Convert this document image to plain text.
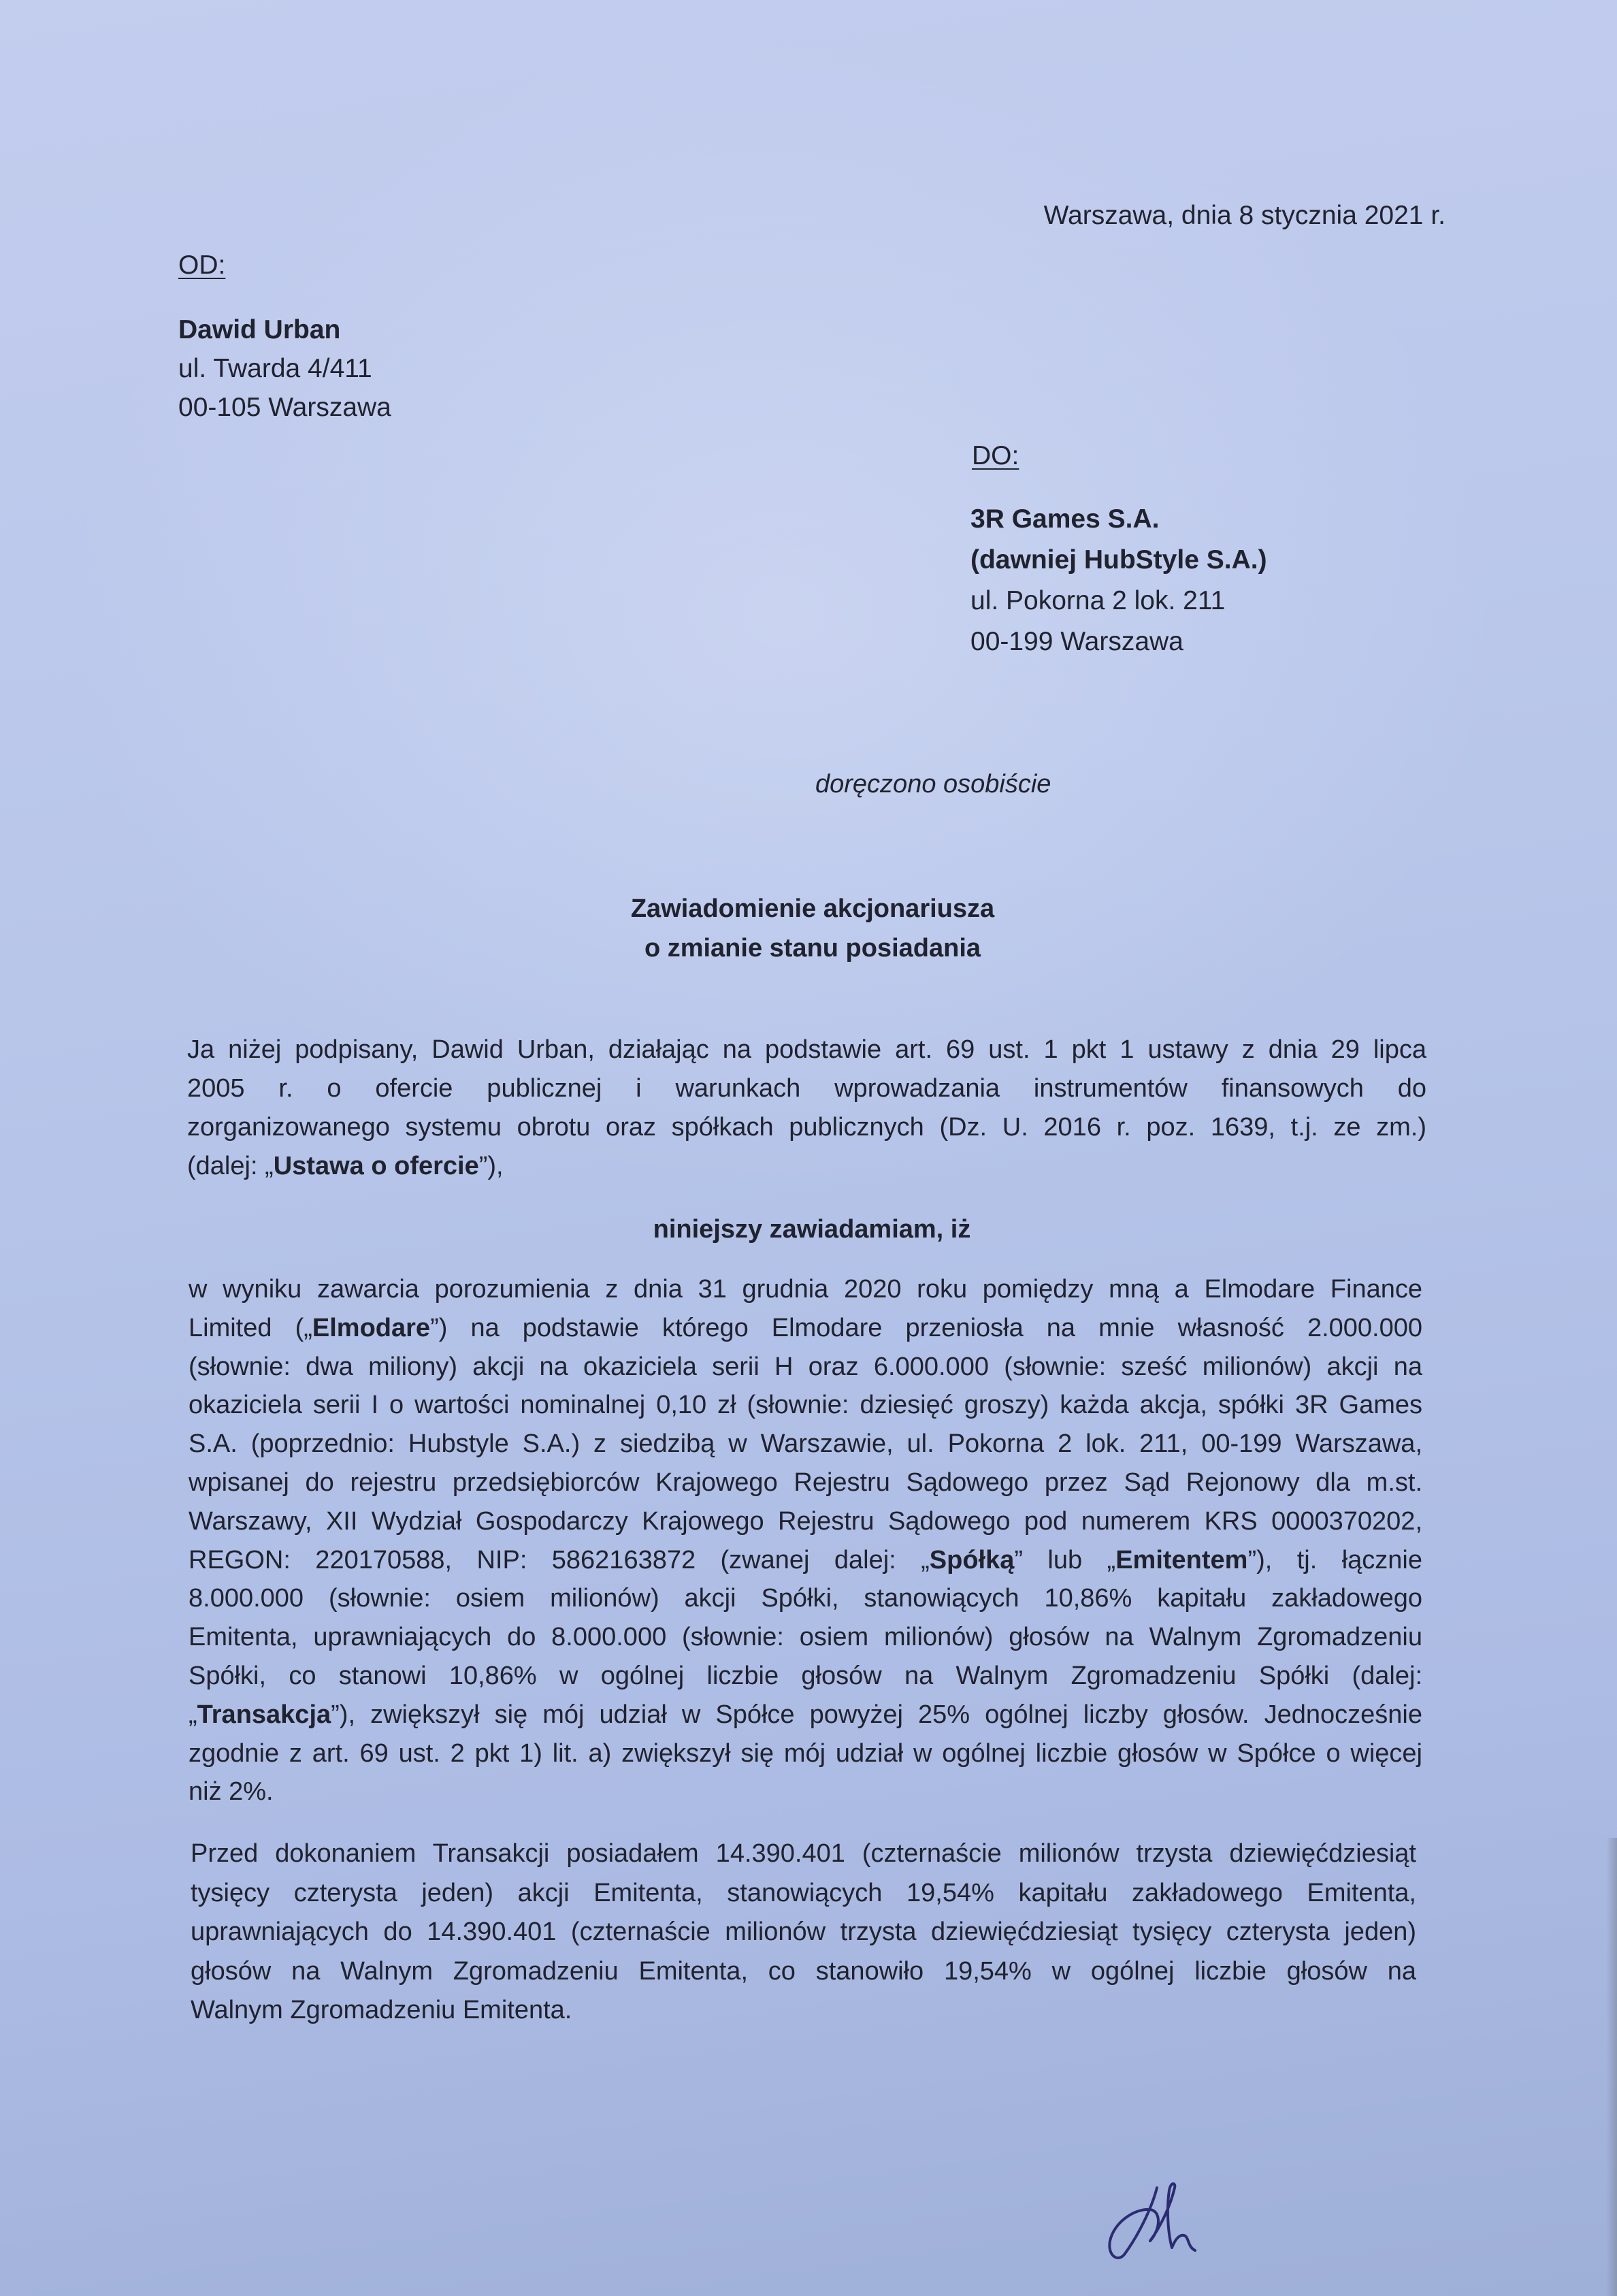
Warszawa, dnia 8 stycznia 2021 r.
OD:
Dawid Urban
ul. Twarda 4/411
00-105 Warszawa
DO:
3R Games S.A.
(dawniej HubStyle S.A.)
ul. Pokorna 2 lok. 211
00-199 Warszawa
doręczono osobiście
Zawiadomienie akcjonariusza
o zmianie stanu posiadania
Ja niżej podpisany, Dawid Urban, działając na podstawie art. 69 ust. 1 pkt 1 ustawy z dnia 29 lipca
2005 r. o ofercie publicznej i warunkach wprowadzania instrumentów finansowych do
zorganizowanego systemu obrotu oraz spółkach publicznych (Dz. U. 2016 r. poz. 1639, t.j. ze zm.)
(dalej: „Ustawa o ofercie”),
niniejszy zawiadamiam, iż
w wyniku zawarcia porozumienia z dnia 31 grudnia 2020 roku pomiędzy mną a Elmodare Finance
Limited („Elmodare”) na podstawie którego Elmodare przeniosła na mnie własność 2.000.000
(słownie: dwa miliony) akcji na okaziciela serii H oraz 6.000.000 (słownie: sześć milionów) akcji na
okaziciela serii I o wartości nominalnej 0,10 zł (słownie: dziesięć groszy) każda akcja, spółki 3R Games
S.A. (poprzednio: Hubstyle S.A.) z siedzibą w Warszawie, ul. Pokorna 2 lok. 211, 00-199 Warszawa,
wpisanej do rejestru przedsiębiorców Krajowego Rejestru Sądowego przez Sąd Rejonowy dla m.st.
Warszawy, XII Wydział Gospodarczy Krajowego Rejestru Sądowego pod numerem KRS 0000370202,
REGON: 220170588, NIP: 5862163872 (zwanej dalej: „Spółką” lub „Emitentem”), tj. łącznie
8.000.000 (słownie: osiem milionów) akcji Spółki, stanowiących 10,86% kapitału zakładowego
Emitenta, uprawniających do 8.000.000 (słownie: osiem milionów) głosów na Walnym Zgromadzeniu
Spółki, co stanowi 10,86% w ogólnej liczbie głosów na Walnym Zgromadzeniu Spółki (dalej:
„Transakcja”), zwiększył się mój udział w Spółce powyżej 25% ogólnej liczby głosów. Jednocześnie
zgodnie z art. 69 ust. 2 pkt 1) lit. a) zwiększył się mój udział w ogólnej liczbie głosów w Spółce o więcej
niż 2%.
Przed dokonaniem Transakcji posiadałem 14.390.401 (czternaście milionów trzysta dziewięćdziesiąt
tysięcy czterysta jeden) akcji Emitenta, stanowiących 19,54% kapitału zakładowego Emitenta,
uprawniających do 14.390.401 (czternaście milionów trzysta dziewięćdziesiąt tysięcy czterysta jeden)
głosów na Walnym Zgromadzeniu Emitenta, co stanowiło 19,54% w ogólnej liczbie głosów na
Walnym Zgromadzeniu Emitenta.
